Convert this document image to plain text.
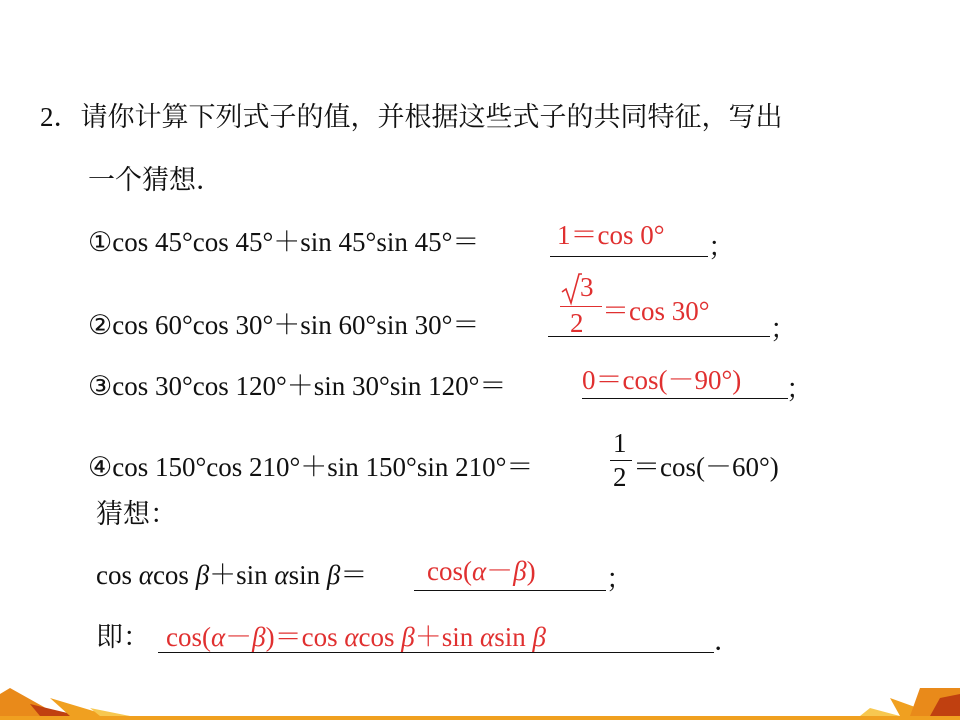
2．请你计算下列式子的值，并根据这些式子的共同特征，写出
一个猜想．
①cos 45°cos 45°＋sin 45°sin 45°＝	1＝cos 0° ；
②cos 60°cos 30°＋sin 60°sin 30°＝
3
2 ＝cos 30°
；
③cos 30°cos 120°＋sin 30°sin 120°＝	0＝cos(－90°) ；
④cos 150°cos 210°＋sin 150°sin 210°＝
1
2 ＝cos(－60°)
猜想：
cos αcos β＋sin αsin β＝ cos(α－β)	；
即： cos(α－β)＝cos αcos β＋sin αsin β	．
